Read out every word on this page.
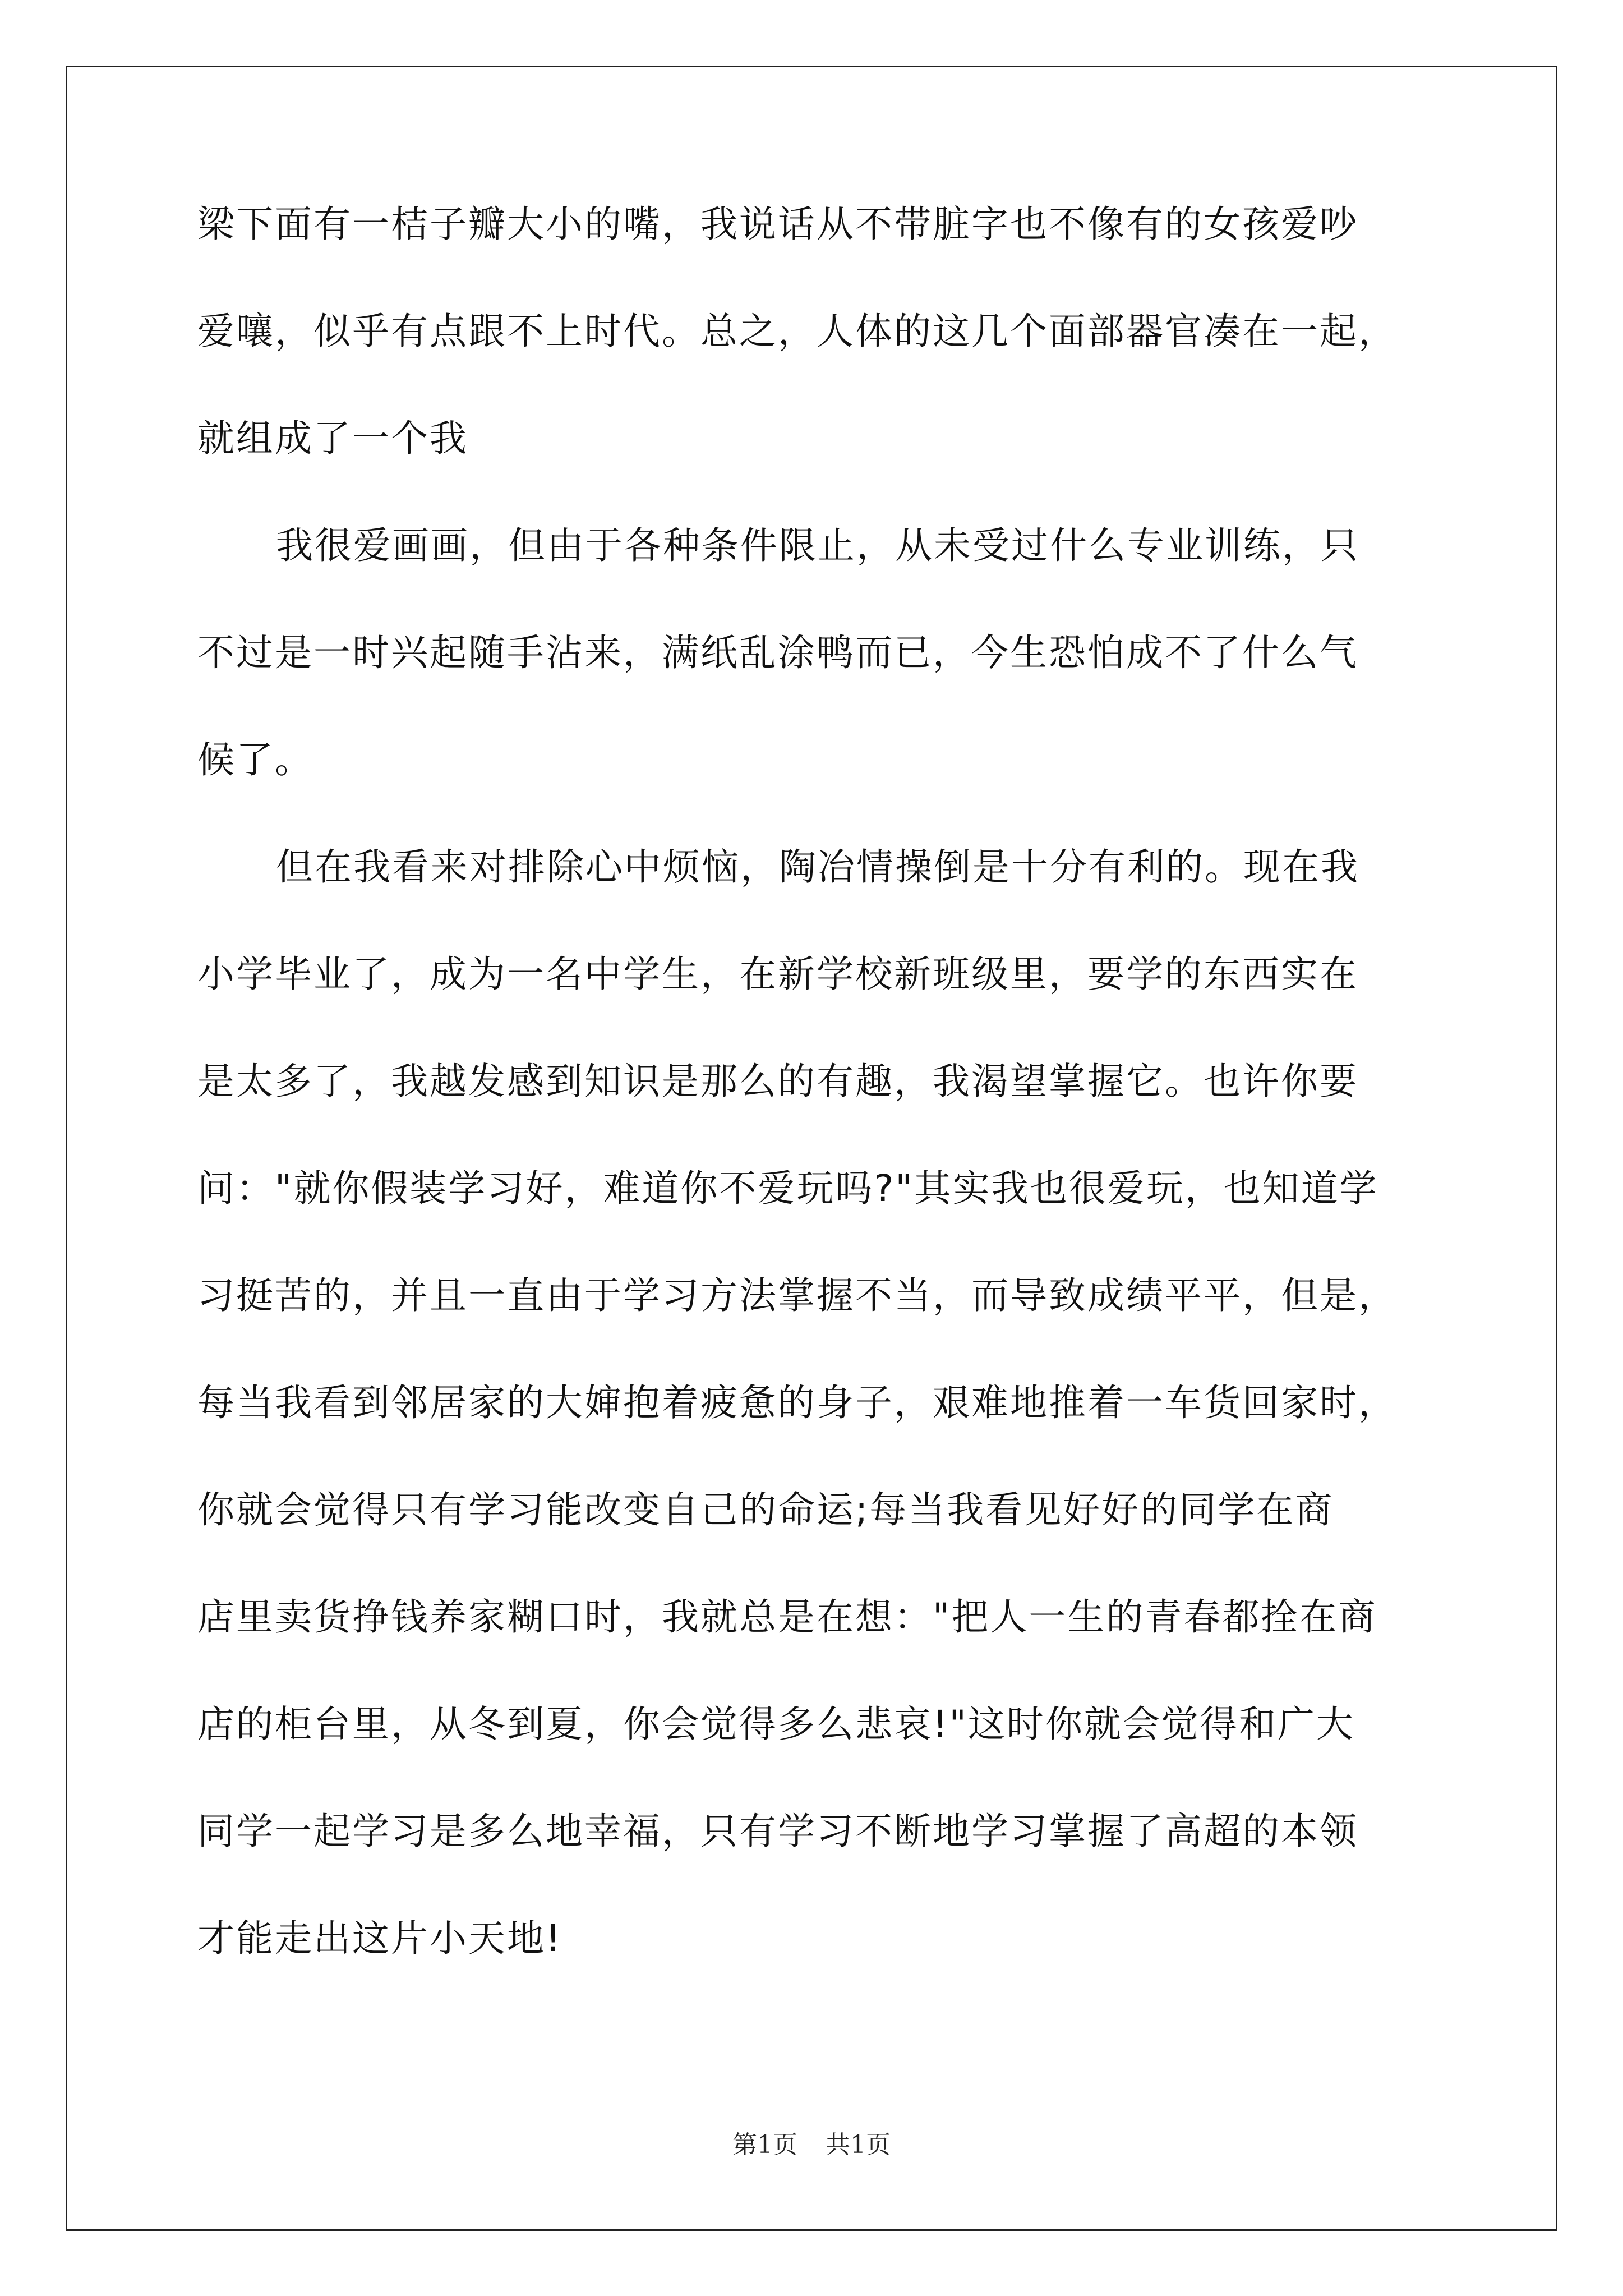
梁下面有一桔子瓣大小的嘴，我说话从不带脏字也不像有的女孩爱吵
爱嚷，似乎有点跟不上时代。总之，人体的这几个面部器官凑在一起，
就组成了一个我
我很爱画画，但由于各种条件限止，从未受过什么专业训练，只
不过是一时兴起随手沾来，满纸乱涂鸭而已，今生恐怕成不了什么气
候了。
但在我看来对排除心中烦恼，陶冶情操倒是十分有利的。现在我
小学毕业了，成为一名中学生，在新学校新班级里，要学的东西实在
是太多了，我越发感到知识是那么的有趣，我渴望掌握它。也许你要
问："就你假装学习好，难道你不爱玩吗?"其实我也很爱玩，也知道学
习挺苦的，并且一直由于学习方法掌握不当，而导致成绩平平，但是，
每当我看到邻居家的大婶抱着疲惫的身子，艰难地推着一车货回家时，
你就会觉得只有学习能改变自己的命运;每当我看见好好的同学在商
店里卖货挣钱养家糊口时，我就总是在想："把人一生的青春都拴在商
店的柜台里，从冬到夏，你会觉得多么悲哀!"这时你就会觉得和广大
同学一起学习是多么地幸福，只有学习不断地学习掌握了高超的本领
才能走出这片小天地!
第1页 共1页
